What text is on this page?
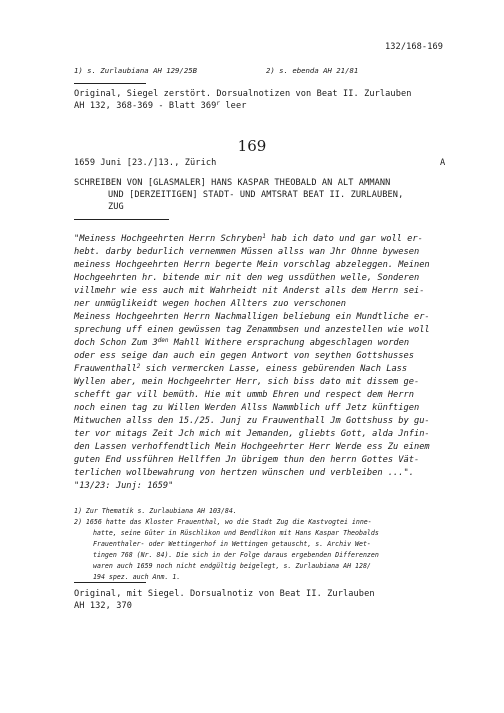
132/168-169
1) s. Zurlaubiana AH 129/25B	2) s. ebenda AH 21/81
Original, Siegel zerstört. Dorsualnotizen von Beat II. Zurlauben
AH 132, 368-369 - Blatt 369$^r$ leer
169
1659 Juni [23./]13., Zürich	A
SCHREIBEN VON [GLASMALER] HANS KASPAR THEOBALD AN ALT AMMANN
UND [DERZEITIGEN] STADT- UND AMTSRAT BEAT II. ZURLAUBEN,
ZUG
"Meiness Hochgeehrten Herrn Schryben$^1$ hab ich dato und gar woll er-
hebt. darby bedurlich vernemmen Müssen allss wan Jhr Ohnne bywesen
meiness Hochgeehrten Herrn begerte Mein vorschlag abzeleggen. Meinen
Hochgeehrten hr. bitende mir nit den weg ussdüthen welle, Sonderen
villmehr wie ess auch mit Wahrheidt nit Anderst alls dem Herrn sei-
ner unmüglikeidt wegen hochen Allters zuo verschonen
Meiness Hochgeehrten Herrn Nachmalligen beliebung ein Mundtliche er-
sprechung uff einen gewüssen tag Zenammbsen und anzestellen wie woll
doch Schon Zum $3^{den}$ Mahll Withere ersprachung abgeschlagen worden
oder ess seige dan auch ein gegen Antwort von seythen Gottshusses
Frauwenthall$^2$ sich vermercken Lasse, einess gebürenden Nach Lass
Wyllen aber, mein Hochgeehrter Herr, sich biss dato mit dissem ge-
schefft gar vill bemüth. Hie mit ummb Ehren und respect dem Herrn
noch einen tag zu Willen Werden Allss Nammblich uff Jetz künftigen
Mitwuchen allss den 15./25. Junj zu Frauwenthall Jm Gottshuss by gu-
ter vor mitags Zeit Jch mich mit Jemanden, gliebts Gott, alda Jnfin-
den Lassen verhoffendtlich Mein Hochgeehrter Herr Werde ess Zu einem
guten End ussführen Hellffen Jn übrigem thun den herrn Gottes Vät-
terlichen wollbewahrung von hertzen wünschen und verbleiben ...".
"13/23: Junj: 1659"
1) Zur Thematik s. Zurlaubiana AH 103/84.
2) 1656 hatte das Kloster Frauenthal, wo die Stadt Zug die Kastvogtei inne-
hatte, seine Güter in Rüschlikon und Bendlikon mit Hans Kaspar Theobalds
Frauenthaler- oder Wettingerhof in Wettingen getauscht, s. Archiv Wet-
tingen 768 (Nr. 84). Die sich in der Folge daraus ergebenden Differenzen
waren auch 1659 noch nicht endgültig beigelegt, s. Zurlaubiana AH 128/
194 spez. auch Anm. 1.
Original, mit Siegel. Dorsualnotiz von Beat II. Zurlauben
AH 132, 370
